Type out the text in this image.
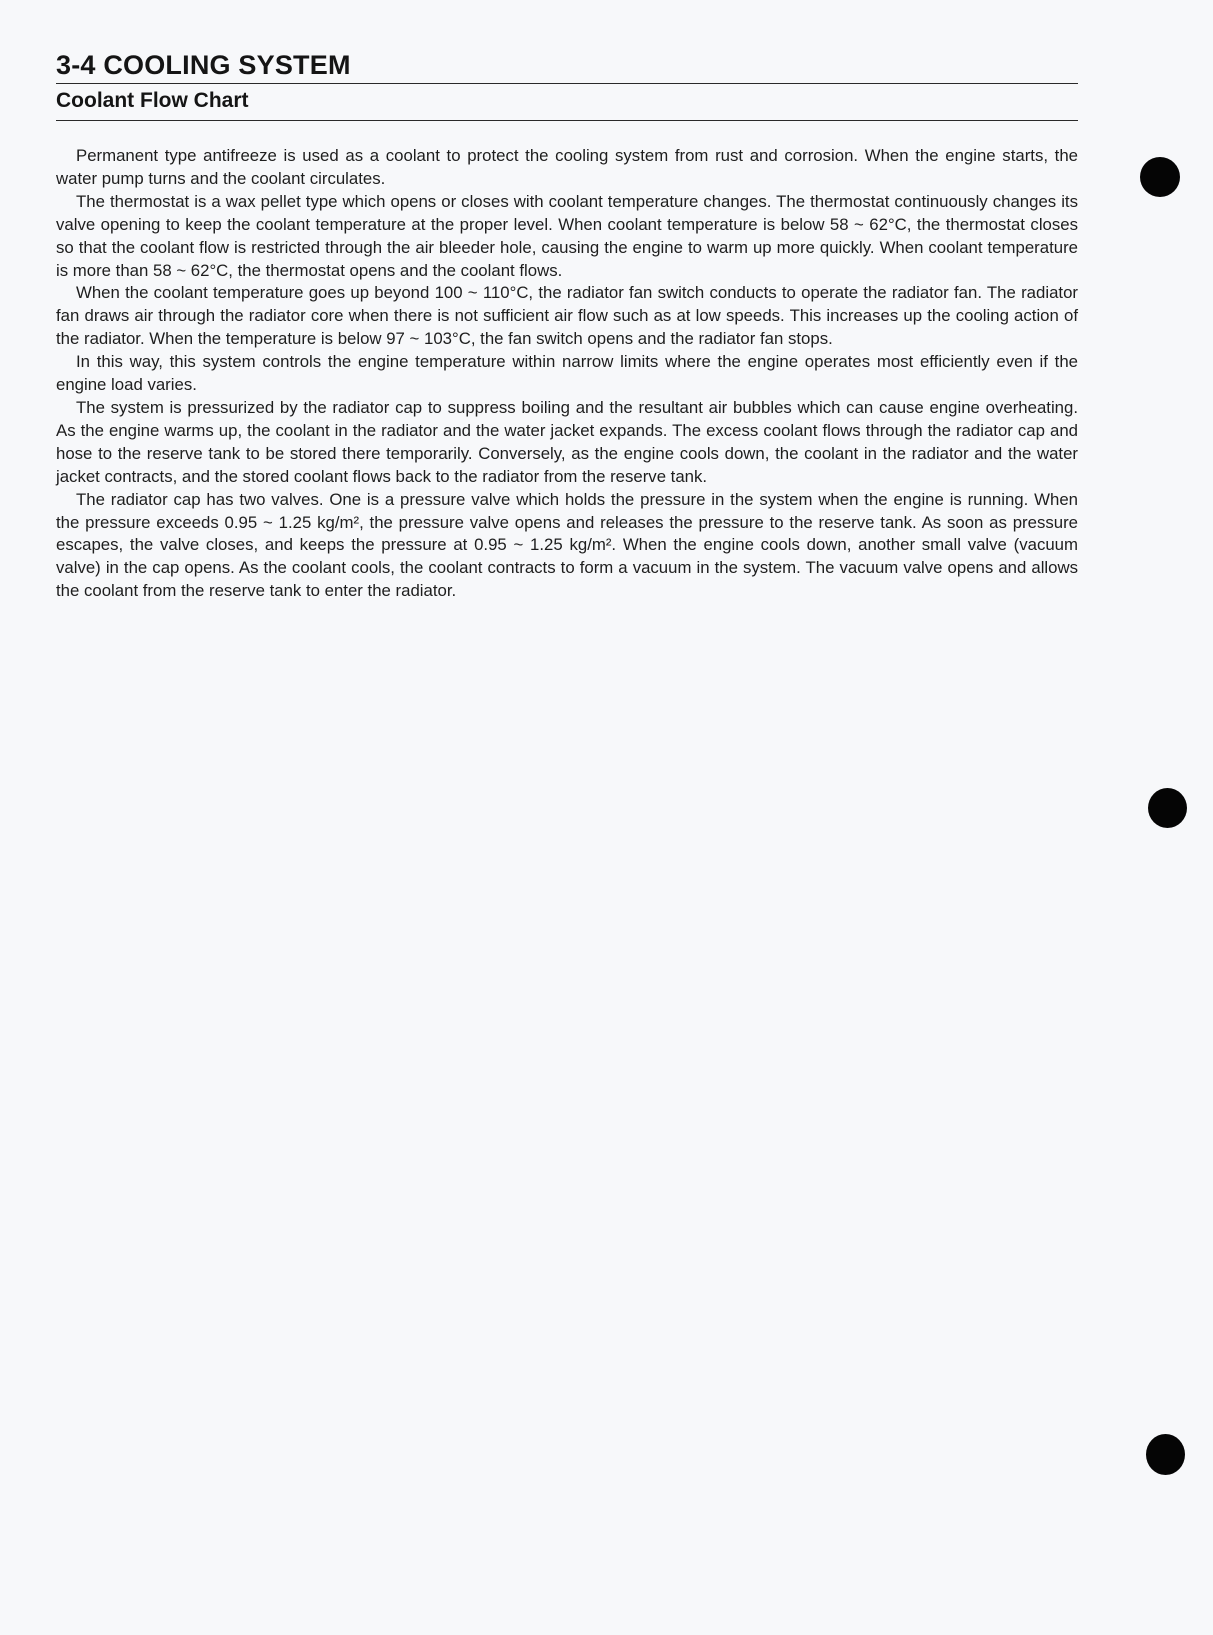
3-4 COOLING SYSTEM
Coolant Flow Chart

Permanent type antifreeze is used as a coolant to protect the cooling system from rust and corrosion. When the engine starts, the water pump turns and the coolant circulates.

The thermostat is a wax pellet type which opens or closes with coolant temperature changes. The thermostat continuously changes its valve opening to keep the coolant temperature at the proper level. When coolant temperature is below 58 ~ 62°C, the thermostat closes so that the coolant flow is restricted through the air bleeder hole, causing the engine to warm up more quickly. When coolant temperature is more than 58 ~ 62°C, the thermostat opens and the coolant flows.

When the coolant temperature goes up beyond 100 ~ 110°C, the radiator fan switch conducts to operate the radiator fan. The radiator fan draws air through the radiator core when there is not sufficient air flow such as at low speeds. This increases up the cooling action of the radiator. When the temperature is below 97 ~ 103°C, the fan switch opens and the radiator fan stops.

In this way, this system controls the engine temperature within narrow limits where the engine operates most efficiently even if the engine load varies.

The system is pressurized by the radiator cap to suppress boiling and the resultant air bubbles which can cause engine overheating. As the engine warms up, the coolant in the radiator and the water jacket expands. The excess coolant flows through the radiator cap and hose to the reserve tank to be stored there temporarily. Conversely, as the engine cools down, the coolant in the radiator and the water jacket contracts, and the stored coolant flows back to the radiator from the reserve tank.

The radiator cap has two valves. One is a pressure valve which holds the pressure in the system when the engine is running. When the pressure exceeds 0.95 ~ 1.25 kg/m², the pressure valve opens and releases the pressure to the reserve tank. As soon as pressure escapes, the valve closes, and keeps the pressure at 0.95 ~ 1.25 kg/m². When the engine cools down, another small valve (vacuum valve) in the cap opens. As the coolant cools, the coolant contracts to form a vacuum in the system. The vacuum valve opens and allows the coolant from the reserve tank to enter the radiator.
